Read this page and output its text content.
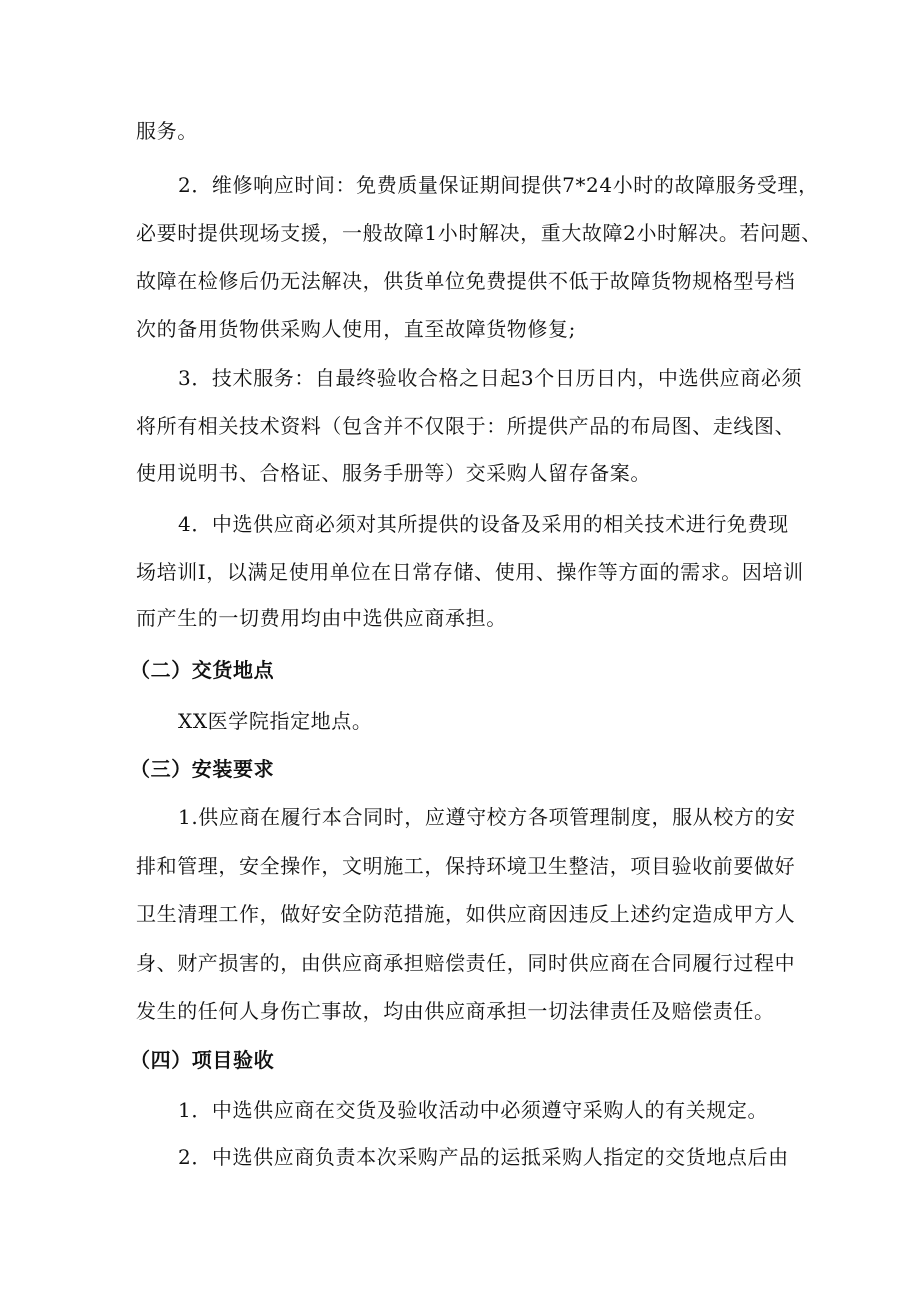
服务。
2．维修响应时间：免费质量保证期间提供7*24小时的故障服务受理，
必要时提供现场支援，一般故障1小时解决，重大故障2小时解决。若问题、
故障在检修后仍无法解决，供货单位免费提供不低于故障货物规格型号档
次的备用货物供采购人使用，直至故障货物修复;
3．技术服务：自最终验收合格之日起3个日历日内，中选供应商必须
将所有相关技术资料（包含并不仅限于：所提供产品的布局图、走线图、
使用说明书、合格证、服务手册等）交采购人留存备案。
4．中选供应商必须对其所提供的设备及采用的相关技术进行免费现
场培训I，以满足使用单位在日常存储、使用、操作等方面的需求。因培训
而产生的一切费用均由中选供应商承担。
（二）交货地点
XX医学院指定地点。
（三）安装要求
1.供应商在履行本合同时，应遵守校方各项管理制度，服从校方的安
排和管理，安全操作，文明施工，保持环境卫生整洁，项目验收前要做好
卫生清理工作，做好安全防范措施，如供应商因违反上述约定造成甲方人
身、财产损害的，由供应商承担赔偿责任，同时供应商在合同履行过程中
发生的任何人身伤亡事故，均由供应商承担一切法律责任及赔偿责任。
（四）项目验收
1．中选供应商在交货及验收活动中必须遵守采购人的有关规定。
2．中选供应商负责本次采购产品的运抵采购人指定的交货地点后由
